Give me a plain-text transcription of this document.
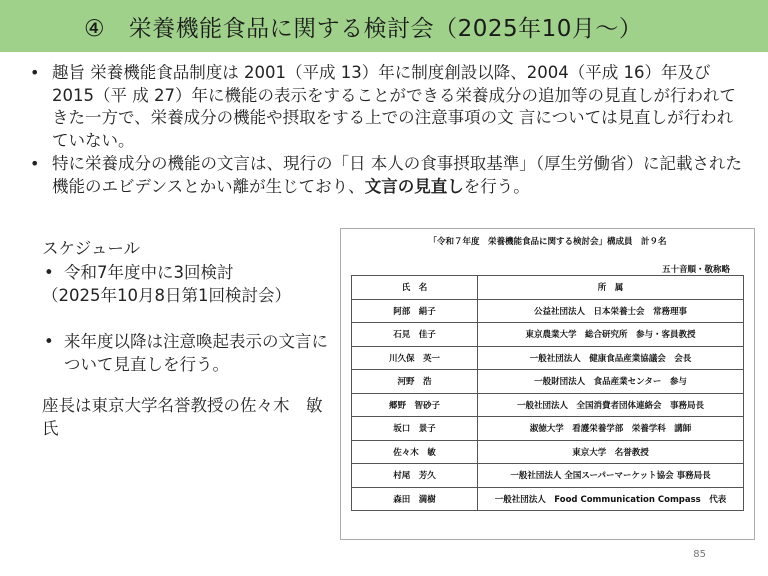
④　栄養機能食品に関する検討会（2025年10月～）
• 趣旨 栄養機能食品制度は 2001（平成 13）年に制度創設以降、2004（平成 16）年及び 2015（平 成 27）年に機能の表示をすることができる栄養成分の追加等の見直しが行われてきた一方で、栄養成分の機能や摂取をする上での注意事項の文 言については見直しが行われていない。
• 特に栄養成分の機能の文言は、現行の「日 本人の食事摂取基準」（厚生労働省）に記載された機能のエビデンスとかい離が生じており、文言の見直しを行う。
スケジュール
• 令和7年度中に3回検討
（2025年10月8日第1回検討会）
• 来年度以降は注意喚起表示の文言について見直しを行う。
座長は東京大学名誉教授の佐々木　敏氏
「令和７年度　栄養機能食品に関する検討会」構成員　計９名
五十音順・敬称略
氏　名	所　属
阿部　絹子	公益社団法人　日本栄養士会　常務理事
石見　佳子	東京農業大学　総合研究所　参与・客員教授
川久保　英一	一般社団法人　健康食品産業協議会　会長
河野　浩	一般財団法人　食品産業センター　参与
郷野　智砂子	一般社団法人　全国消費者団体連絡会　事務局長
坂口　景子	淑徳大学　看護栄養学部　栄養学科　講師
佐々木　敏	東京大学　名誉教授
村尾　芳久	一般社団法人 全国スーパーマーケット協会 事務局長
森田　満樹	一般社団法人　Food Communication Compass　代表
85
